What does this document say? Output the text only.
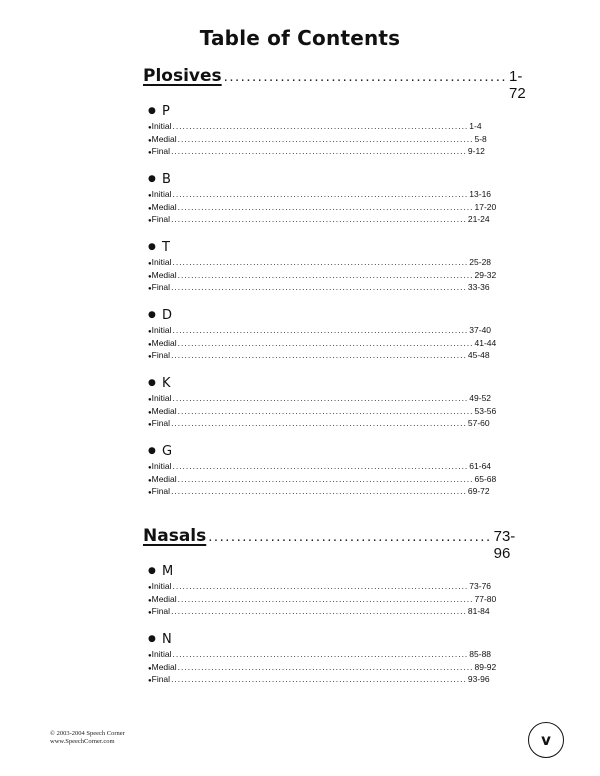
Table of Contents
Plosives .................................................. 1-72
● P
● Initial ........................................................................................ 1-4
● Medial ........................................................................................ 5-8
● Final ........................................................................................ 9-12
● B
● Initial ........................................................................................ 13-16
● Medial ........................................................................................ 17-20
● Final ........................................................................................ 21-24
● T
● Initial ........................................................................................ 25-28
● Medial ........................................................................................ 29-32
● Final ........................................................................................ 33-36
● D
● Initial ........................................................................................ 37-40
● Medial ........................................................................................ 41-44
● Final ........................................................................................ 45-48
● K
● Initial ........................................................................................ 49-52
● Medial ........................................................................................ 53-56
● Final ........................................................................................ 57-60
● G
● Initial ........................................................................................ 61-64
● Medial ........................................................................................ 65-68
● Final ........................................................................................ 69-72
Nasals .................................................. 73-96
● M
● Initial ........................................................................................ 73-76
● Medial ........................................................................................ 77-80
● Final ........................................................................................ 81-84
● N
● Initial ........................................................................................ 85-88
● Medial ........................................................................................ 89-92
● Final ........................................................................................ 93-96
© 2003-2004 Speech Corner
www.SpeechCorner.com	v
